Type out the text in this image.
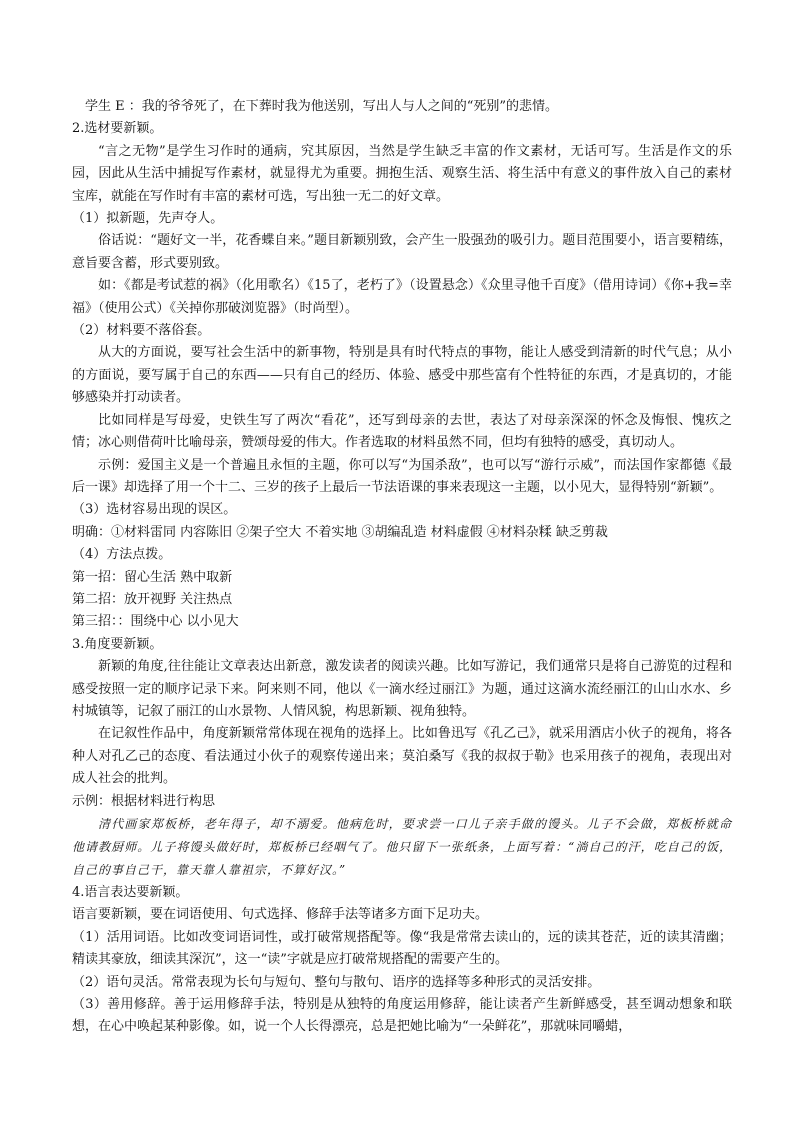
学生 E ：我的爷爷死了，在下葬时我为他送别，写出人与人之间的“死别”的悲情。

2.选材要新颖。

“言之无物”是学生习作时的通病，究其原因，当然是学生缺乏丰富的作文素材，无话可写。生活是作文的乐园，因此从生活中捕捉写作素材，就显得尤为重要。拥抱生活、观察生活、将生活中有意义的事件放入自己的素材宝库，就能在写作时有丰富的素材可选，写出独一无二的好文章。

（1）拟新题，先声夺人。

俗话说：“题好文一半，花香蝶自来。”题目新颖别致，会产生一股强劲的吸引力。题目范围要小，语言要精练，意旨要含蓄，形式要别致。

如：《都是考试惹的祸》（化用歌名）《15了，老朽了》（设置悬念）《众里寻他千百度》（借用诗词）《你+我=幸福》（使用公式）《关掉你那破浏览器》（时尚型）。

（2）材料要不落俗套。

从大的方面说，要写社会生活中的新事物，特别是具有时代特点的事物，能让人感受到清新的时代气息；从小的方面说，要写属于自己的东西——只有自己的经历、体验、感受中那些富有个性特征的东西，才是真切的，才能够感染并打动读者。

比如同样是写母爱，史铁生写了两次“看花”，还写到母亲的去世，表达了对母亲深深的怀念及悔恨、愧疚之情；冰心则借荷叶比喻母亲，赞颂母爱的伟大。作者选取的材料虽然不同，但均有独特的感受，真切动人。

示例：爱国主义是一个普遍且永恒的主题，你可以写“为国杀敌”，也可以写“游行示威”，而法国作家都德《最后一课》却选择了用一个十二、三岁的孩子上最后一节法语课的事来表现这一主题，以小见大，显得特别“新颖”。

（3）选材容易出现的误区。

明确：①材料雷同 内容陈旧 ②架子空大 不着实地 ③胡编乱造 材料虚假 ④材料杂糅 缺乏剪裁

（4）方法点拨。

第一招：留心生活 熟中取新

第二招：放开视野 关注热点

第三招：：围绕中心 以小见大

3.角度要新颖。

新颖的角度,往往能让文章表达出新意，激发读者的阅读兴趣。比如写游记，我们通常只是将自己游览的过程和感受按照一定的顺序记录下来。阿来则不同，他以《一滴水经过丽江》为题，通过这滴水流经丽江的山山水水、乡村城镇等，记叙了丽江的山水景物、人情风貌，构思新颖、视角独特。

在记叙性作品中，角度新颖常常体现在视角的选择上。比如鲁迅写《孔乙己》，就采用酒店小伙子的视角，将各种人对孔乙己的态度、看法通过小伙子的观察传递出来；莫泊桑写《我的叔叔于勒》也采用孩子的视角，表现出对成人社会的批判。

示例：根据材料进行构思

清代画家郑板桥，老年得子，却不溺爱。他病危时，要求尝一口儿子亲手做的馒头。儿子不会做，郑板桥就命他请教厨师。儿子将馒头做好时，郑板桥已经咽气了。他只留下一张纸条，上面写着：“淌自己的汗，吃自己的饭，自己的事自己干，靠天靠人靠祖宗，不算好汉。”

4.语言表达要新颖。

语言要新颖，要在词语使用、句式选择、修辞手法等诸多方面下足功夫。

（1）活用词语。比如改变词语词性，或打破常规搭配等。像“我是常常去读山的，远的读其苍茫，近的读其清幽；精读其豪放，细读其深沉”，这一“读”字就是应打破常规搭配的需要产生的。

（2）语句灵活。常常表现为长句与短句、整句与散句、语序的选择等多种形式的灵活安排。

（3）善用修辞。善于运用修辞手法，特别是从独特的角度运用修辞，能让读者产生新鲜感受，甚至调动想象和联想，在心中唤起某种影像。如，说一个人长得漂亮，总是把她比喻为“一朵鲜花”，那就味同嚼蜡，
